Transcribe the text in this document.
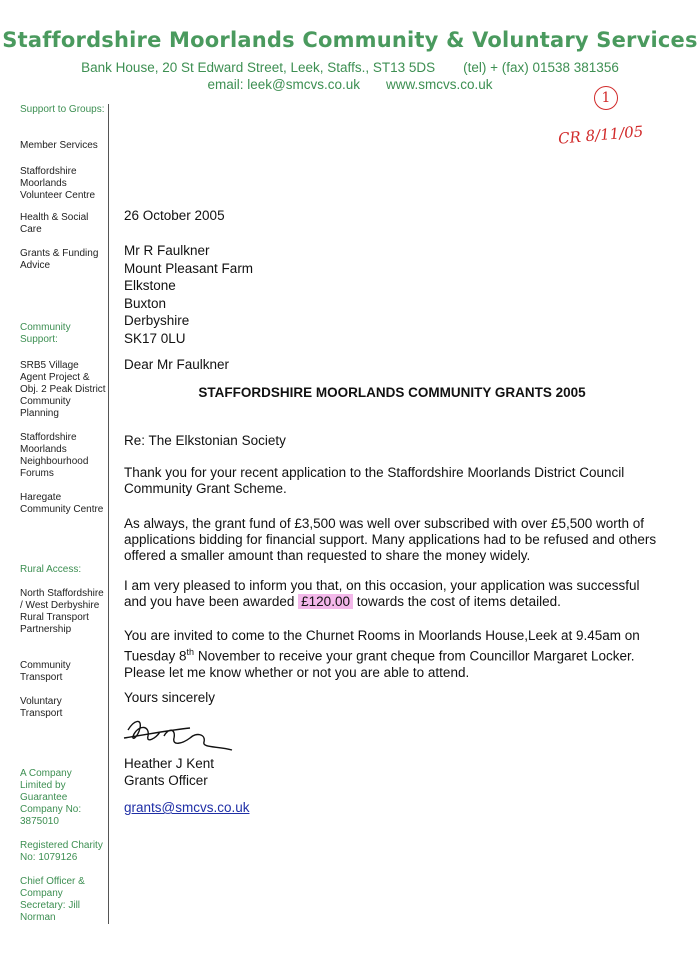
Staffordshire Moorlands Community & Voluntary Services
Bank House, 20 St Edward Street, Leek, Staffs., ST13 5DS (tel) + (fax) 01538 381356
email: leek@smcvs.co.uk www.smcvs.co.uk
1
CR 8/11/05
Support to Groups:
Member Services
Staffordshire Moorlands Volunteer Centre
Health & Social Care
Grants & Funding Advice
Community Support:
SRB5 Village Agent Project & Obj. 2 Peak District Community Planning
Staffordshire Moorlands Neighbourhood Forums
Haregate Community Centre
Rural Access:
North Staffordshire / West Derbyshire Rural Transport Partnership
Community Transport
Voluntary Transport
A Company Limited by Guarantee Company No: 3875010
Registered Charity No: 1079126
Chief Officer & Company Secretary: Jill Norman
26 October 2005
Mr R Faulkner
Mount Pleasant Farm
Elkstone
Buxton
Derbyshire
SK17 0LU
Dear Mr Faulkner
STAFFORDSHIRE MOORLANDS COMMUNITY GRANTS 2005
Re: The Elkstonian Society
Thank you for your recent application to the Staffordshire Moorlands District Council Community Grant Scheme.
As always, the grant fund of £3,500 was well over subscribed with over £5,500 worth of applications bidding for financial support. Many applications had to be refused and others offered a smaller amount than requested to share the money widely.
I am very pleased to inform you that, on this occasion, your application was successful and you have been awarded £120.00 towards the cost of items detailed.
You are invited to come to the Churnet Rooms in Moorlands House,Leek at 9.45am on Tuesday 8th November to receive your grant cheque from Councillor Margaret Locker. Please let me know whether or not you are able to attend.
Yours sincerely
Heather J Kent
Grants Officer
grants@smcvs.co.uk
